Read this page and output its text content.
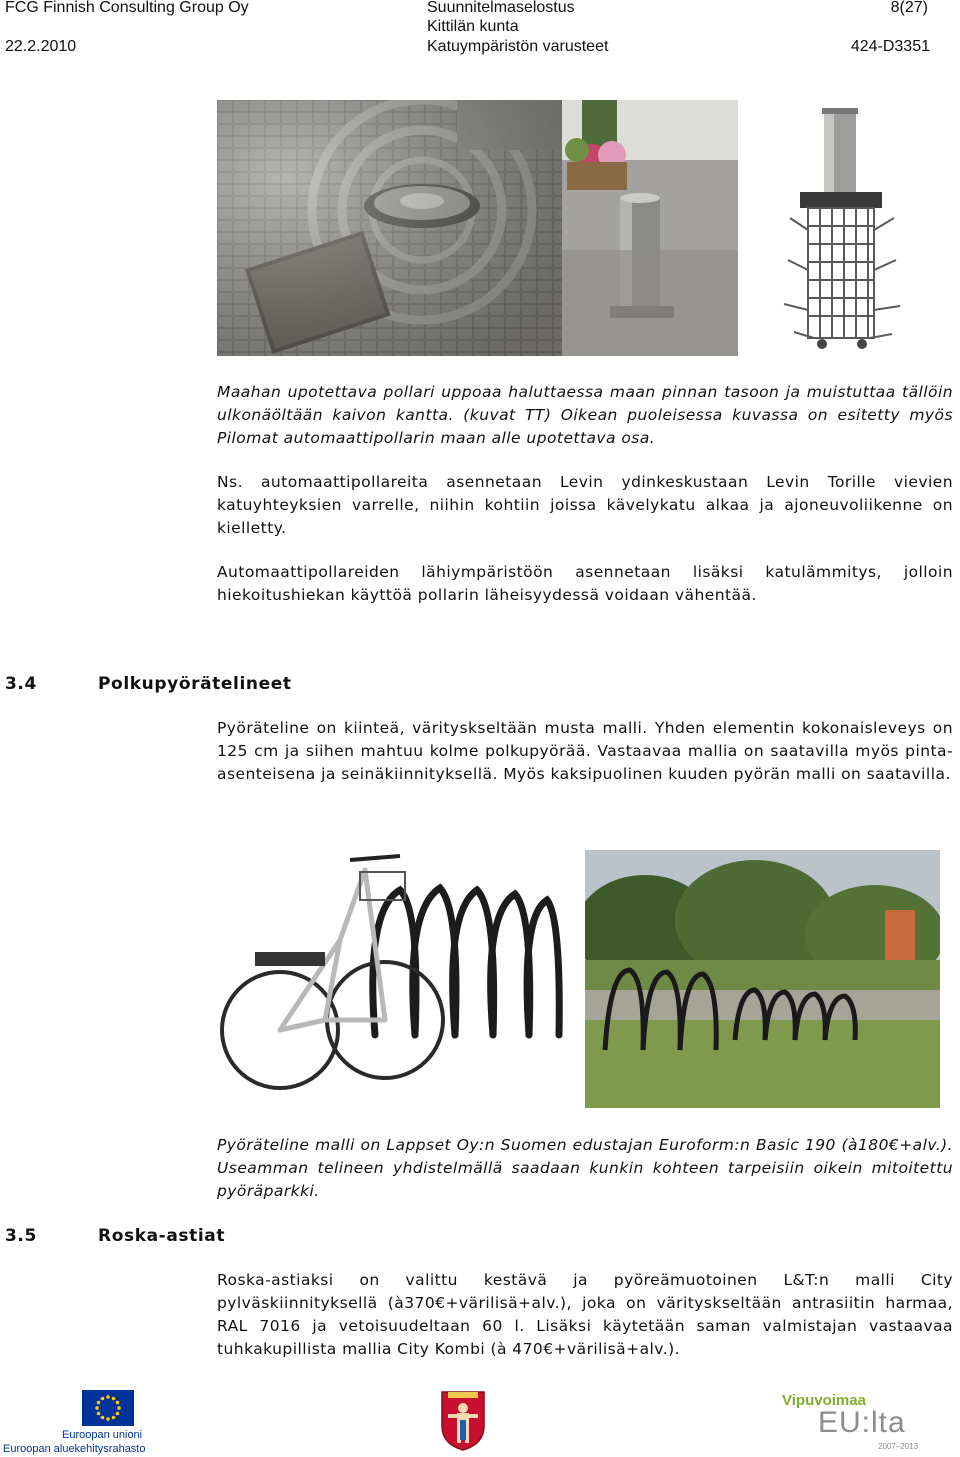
FCG Finnish Consulting Group Oy	Suunnitelmaselostus	8(27)
Kittilän kunta
22.2.2010	Katuympäristön varusteet	424-D3351

Maahan upotettava pollari uppoaa haluttaessa maan pinnan tasoon ja muistuttaa tällöin ulkonäöltään kaivon kantta. (kuvat TT) Oikean puoleisessa kuvassa on esitetty myös Pilomat automaattipollarin maan alle upotettava osa.

Ns. automaattipollareita asennetaan Levin ydinkeskustaan Levin Torille vievien katuyhteyksien varrelle, niihin kohtiin joissa kävelykatu alkaa ja ajoneuvoliikenne on kielletty.

Automaattipollareiden lähiympäristöön asennetaan lisäksi katulämmitys, jolloin hiekoitushiekan käyttöä pollarin läheisyydessä voidaan vähentää.

3.4	Polkupyörätelineet

Pyöräteline on kiinteä, värityskseltään musta malli. Yhden elementin kokonaisleveys on 125 cm ja siihen mahtuu kolme polkupyörää. Vastaavaa mallia on saatavilla myös pinta-asenteisena ja seinäkiinnityksellä. Myös kaksipuolinen kuuden pyörän malli on saatavilla.

Pyöräteline malli on Lappset Oy:n Suomen edustajan Euroform:n Basic 190 (à180€+alv.). Useamman telineen yhdistelmällä saadaan kunkin kohteen tarpeisiin oikein mitoitettu pyöräparkki.

3.5	Roska-astiat

Roska-astiaksi on valittu kestävä ja pyöreämuotoinen L&T:n malli City pylväskiinnityksellä (à370€+värilisä+alv.), joka on värityskseltään antrasiitin harmaa, RAL 7016 ja vetoisuudeltaan 60 l. Lisäksi käytetään saman valmistajan vastaavaa tuhkakupillista mallia City Kombi (à 470€+värilisä+alv.).

Euroopan unioni
Euroopan aluekehitysrahasto
Vipuvoimaa
EU:lta
2007–2013
